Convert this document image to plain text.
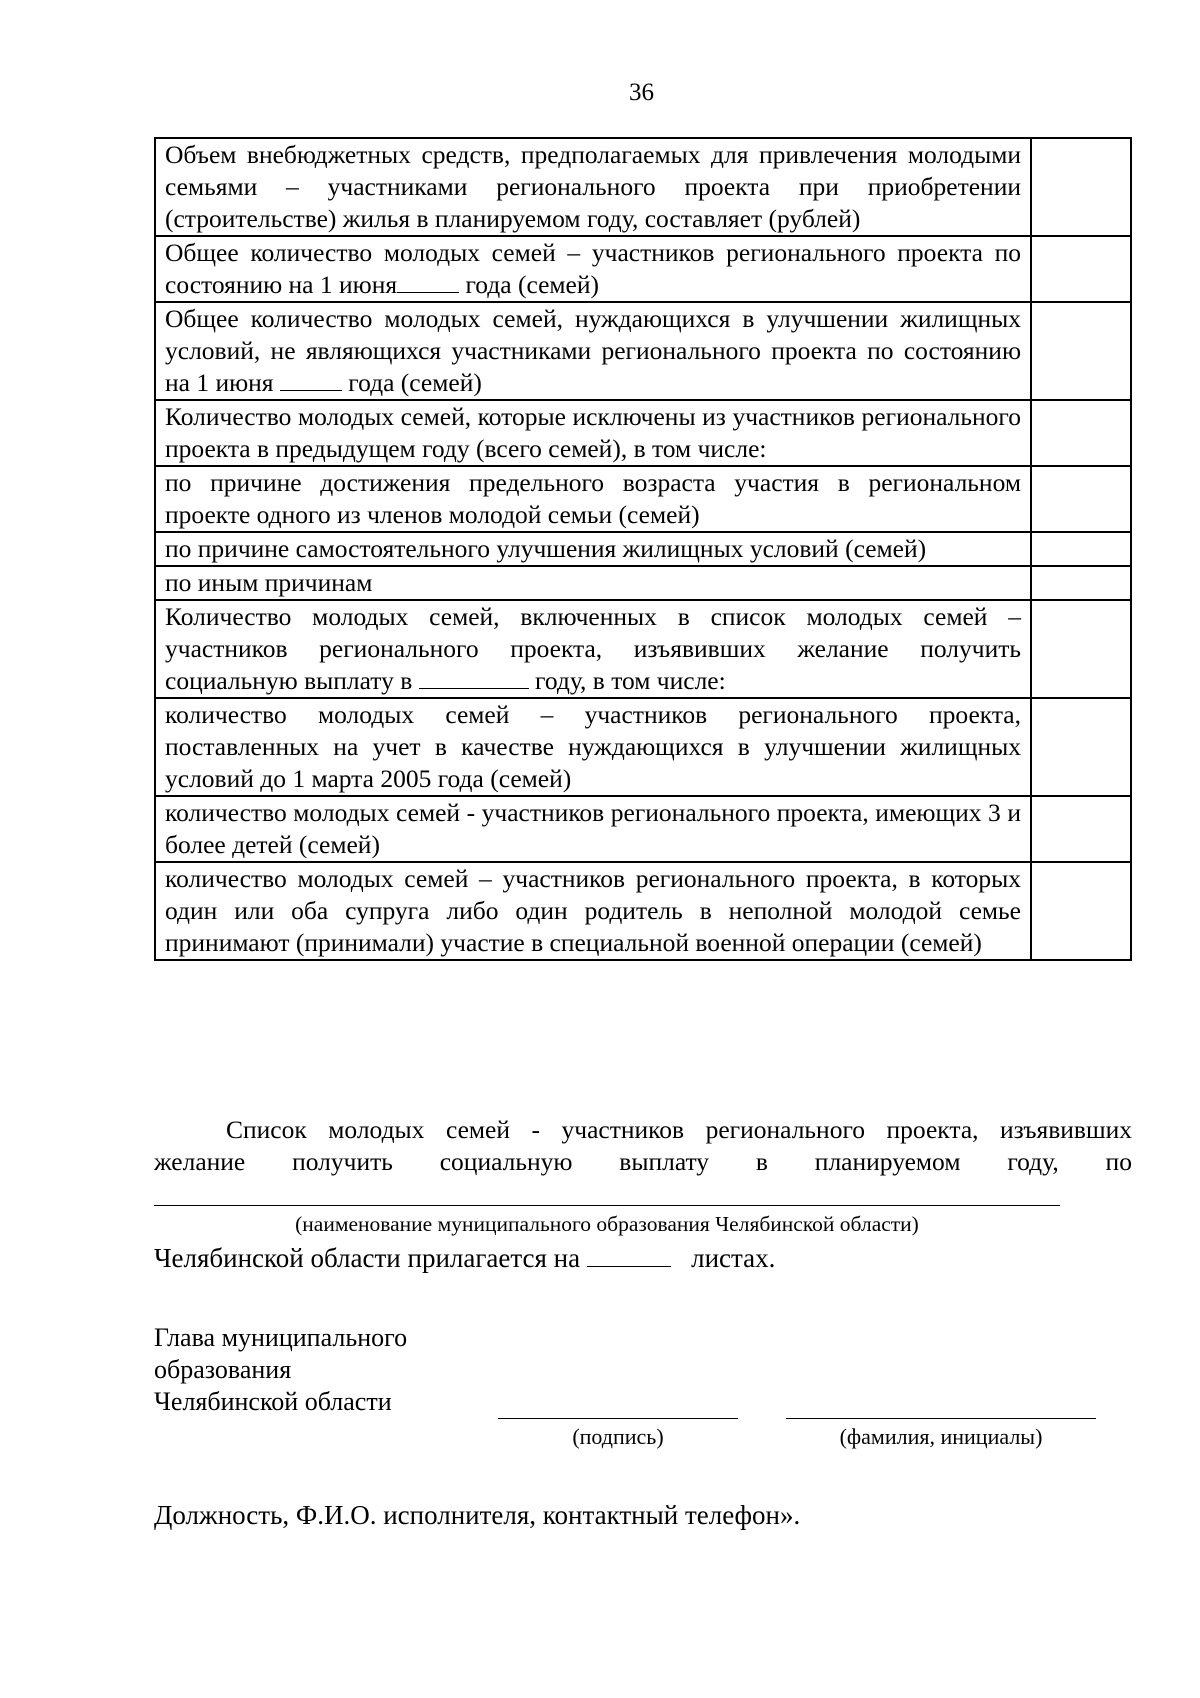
36
Объем внебюджетных средств, предполагаемых для привлечения молодыми семьями – участниками регионального проекта при приобретении (строительстве) жилья в планируемом году, составляет (рублей)	
Общее количество молодых семей – участников регионального проекта по состоянию на 1 июня года (семей)	
Общее количество молодых семей, нуждающихся в улучшении жилищных условий, не являющихся участниками регионального проекта по состоянию на 1 июня года (семей)	
Количество молодых семей, которые исключены из участников регионального проекта в предыдущем году (всего семей), в том числе:	
по причине достижения предельного возраста участия в региональном проекте одного из членов молодой семьи (семей)	
по причине самостоятельного улучшения жилищных условий (семей)	
по иным причинам	
Количество молодых семей, включенных в список молодых семей – участников регионального проекта, изъявивших желание получить социальную выплату в году, в том числе:	
количество молодых семей – участников регионального проекта, поставленных на учет в качестве нуждающихся в улучшении жилищных условий до 1 марта 2005 года (семей)	
количество молодых семей - участников регионального проекта, имеющих 3 и более детей (семей)	
количество молодых семей – участников регионального проекта, в которых один или оба супруга либо один родитель в неполной молодой семье принимают (принимали) участие в специальной военной операции (семей)	
Список молодых семей - участников регионального проекта, изъявивших
желание получить социальную выплату в планируемом году, по
(наименование муниципального образования Челябинской области)
Челябинской области прилагается на	листах.
Глава муниципального
образования
Челябинской области
(подпись)	(фамилия, инициалы)
Должность, Ф.И.О. исполнителя, контактный телефон».
